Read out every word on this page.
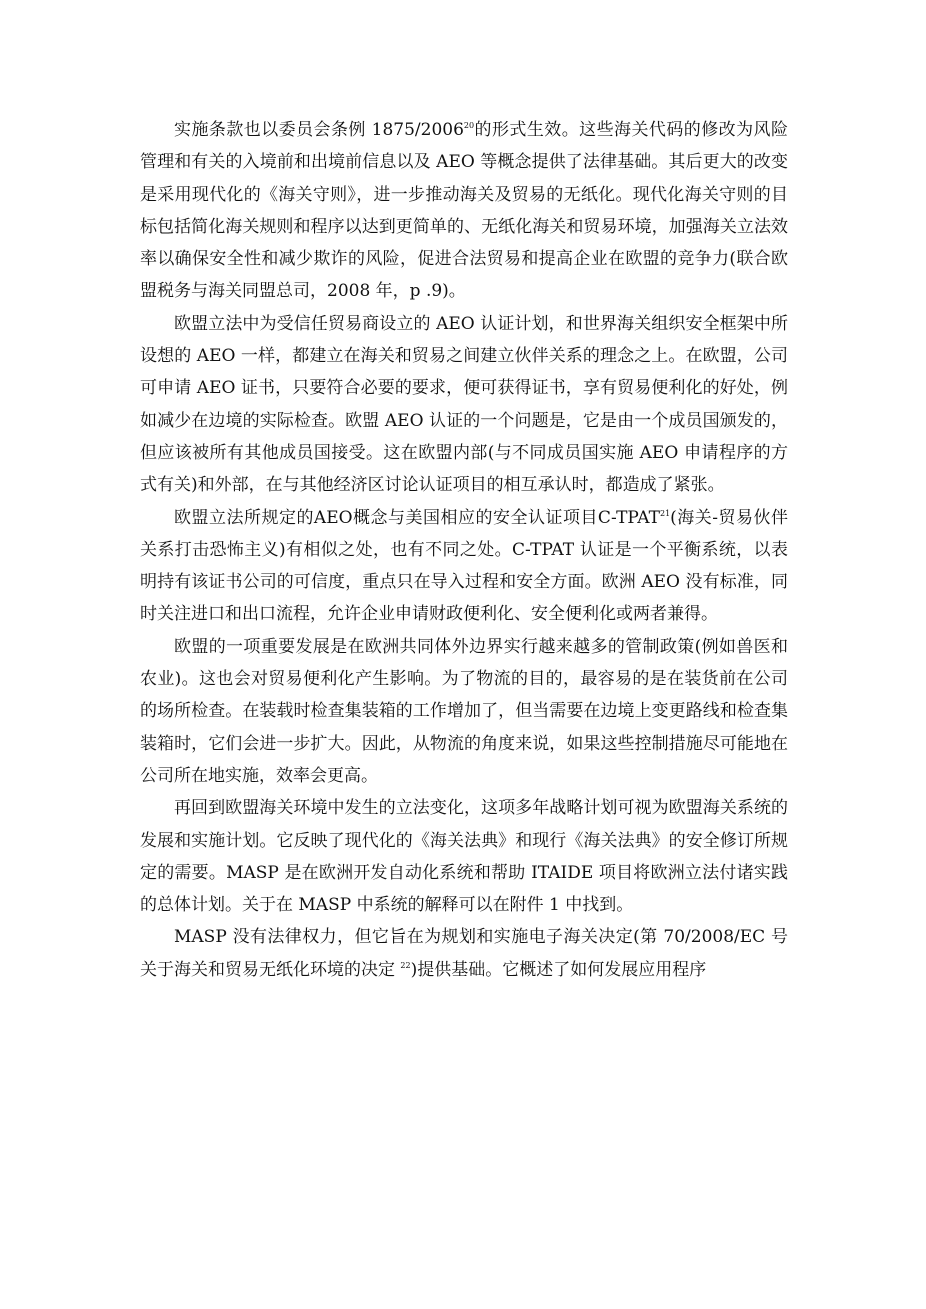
实施条款也以委员会条例 1875/2006$^{20}$的形式生效。这些海关代码的修改为风险管理和有关的入境前和出境前信息以及 AEO 等概念提供了法律基础。其后更大的改变是采用现代化的《海关守则》，进一步推动海关及贸易的无纸化。现代化海关守则的目标包括简化海关规则和程序以达到更简单的、无纸化海关和贸易环境，加强海关立法效率以确保安全性和减少欺诈的风险，促进合法贸易和提高企业在欧盟的竞争力(联合欧盟税务与海关同盟总司，2008 年，p .9)。

欧盟立法中为受信任贸易商设立的 AEO 认证计划，和世界海关组织安全框架中所设想的 AEO 一样，都建立在海关和贸易之间建立伙伴关系的理念之上。在欧盟，公司可申请 AEO 证书，只要符合必要的要求，便可获得证书，享有贸易便利化的好处，例如减少在边境的实际检查。欧盟 AEO 认证的一个问题是，它是由一个成员国颁发的，但应该被所有其他成员国接受。这在欧盟内部(与不同成员国实施 AEO 申请程序的方式有关)和外部，在与其他经济区讨论认证项目的相互承认时，都造成了紧张。

欧盟立法所规定的AEO概念与美国相应的安全认证项目C-TPAT$^{21}$(海关-贸易伙伴关系打击恐怖主义)有相似之处，也有不同之处。C-TPAT 认证是一个平衡系统，以表明持有该证书公司的可信度，重点只在导入过程和安全方面。欧洲 AEO 没有标准，同时关注进口和出口流程，允许企业申请财政便利化、安全便利化或两者兼得。

欧盟的一项重要发展是在欧洲共同体外边界实行越来越多的管制政策(例如兽医和农业)。这也会对贸易便利化产生影响。为了物流的目的，最容易的是在装货前在公司的场所检查。在装载时检查集装箱的工作增加了，但当需要在边境上变更路线和检查集装箱时，它们会进一步扩大。因此，从物流的角度来说，如果这些控制措施尽可能地在公司所在地实施，效率会更高。

再回到欧盟海关环境中发生的立法变化，这项多年战略计划可视为欧盟海关系统的发展和实施计划。它反映了现代化的《海关法典》和现行《海关法典》的安全修订所规定的需要。MASP 是在欧洲开发自动化系统和帮助 ITAIDE 项目将欧洲立法付诸实践的总体计划。关于在 MASP 中系统的解释可以在附件 1 中找到。

MASP 没有法律权力，但它旨在为规划和实施电子海关决定(第 70/2008/EC 号关于海关和贸易无纸化环境的决定 $^{22}$)提供基础。它概述了如何发展应用程序
